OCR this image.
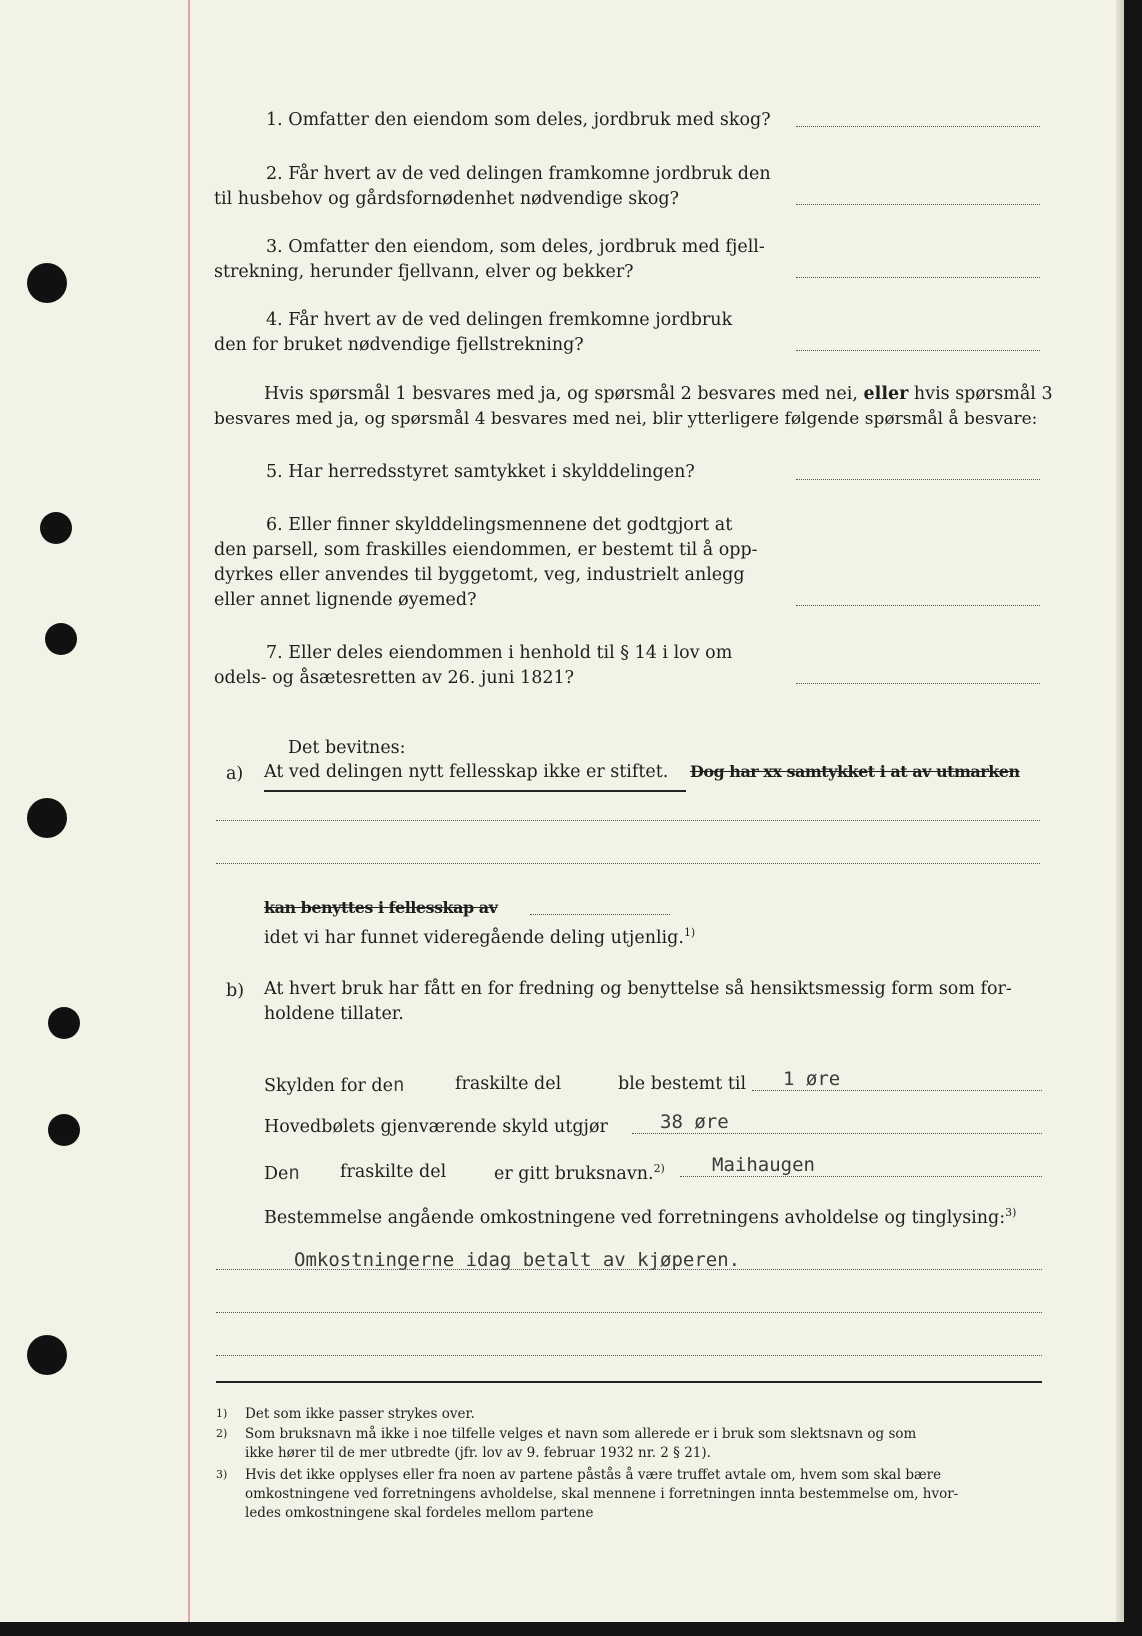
1. Omfatter den eiendom som deles, jordbruk med skog?
2. Får hvert av de ved delingen framkomne jordbruk den
til husbehov og gårdsfornødenhet nødvendige skog?
3. Omfatter den eiendom, som deles, jordbruk med fjell-
strekning, herunder fjellvann, elver og bekker?
4. Får hvert av de ved delingen fremkomne jordbruk
den for bruket nødvendige fjellstrekning?
Hvis spørsmål 1 besvares med ja, og spørsmål 2 besvares med nei, eller hvis spørsmål 3
besvares med ja, og spørsmål 4 besvares med nei, blir ytterligere følgende spørsmål å besvare:
5. Har herredsstyret samtykket i skylddelingen?
6. Eller finner skylddelingsmennene det godtgjort at
den parsell, som fraskilles eiendommen, er bestemt til å opp-
dyrkes eller anvendes til byggetomt, veg, industrielt anlegg
eller annet lignende øyemed?
7. Eller deles eiendommen i henhold til § 14 i lov om
odels- og åsætesretten av 26. juni 1821?
Det bevitnes:
a) At ved delingen nytt fellesskap ikke er stiftet. Dog har xx samtykket i at av utmarken
kan benyttes i fellesskap av
idet vi har funnet videregående deling utjenlig.$^{1)}$
b) At hvert bruk har fått en for fredning og benyttelse så hensiktsmessig form som for-
holdene tillater.
Skylden for den	fraskilte del	ble bestemt til 1 øre
Hovedbølets gjenværende skyld utgjør	38 øre
Den fraskilte del	er gitt bruksnavn.$^{2)}$ Maihaugen
Bestemmelse angående omkostningene ved forretningens avholdelse og tinglysing:$^{3)}$
Omkostningerne idag betalt av kjøperen.
1) Det som ikke passer strykes over.
2) Som bruksnavn må ikke i noe tilfelle velges et navn som allerede er i bruk som slektsnavn og som
ikke hører til de mer utbredte (jfr. lov av 9. februar 1932 nr. 2 § 21).
3) Hvis det ikke opplyses eller fra noen av partene påstås å være truffet avtale om, hvem som skal bære
omkostningene ved forretningens avholdelse, skal mennene i forretningen innta bestemmelse om, hvor-
ledes omkostningene skal fordeles mellom partene
